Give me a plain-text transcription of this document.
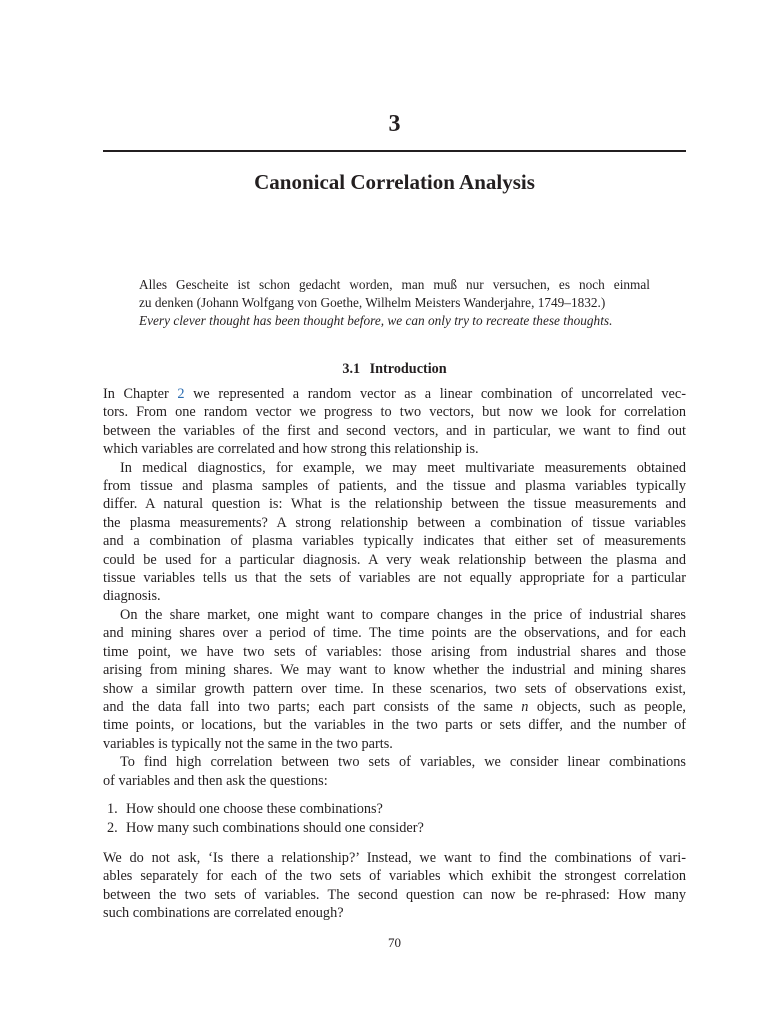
3
Canonical Correlation Analysis
Alles Gescheite ist schon gedacht worden, man muß nur versuchen, es noch einmal
zu denken (Johann Wolfgang von Goethe, Wilhelm Meisters Wanderjahre, 1749–1832.)
Every clever thought has been thought before, we can only try to recreate these thoughts.
3.1 Introduction
In Chapter 2 we represented a random vector as a linear combination of uncorrelated vec-
tors. From one random vector we progress to two vectors, but now we look for correlation
between the variables of the first and second vectors, and in particular, we want to find out
which variables are correlated and how strong this relationship is.
In medical diagnostics, for example, we may meet multivariate measurements obtained
from tissue and plasma samples of patients, and the tissue and plasma variables typically
differ. A natural question is: What is the relationship between the tissue measurements and
the plasma measurements? A strong relationship between a combination of tissue variables
and a combination of plasma variables typically indicates that either set of measurements
could be used for a particular diagnosis. A very weak relationship between the plasma and
tissue variables tells us that the sets of variables are not equally appropriate for a particular
diagnosis.
On the share market, one might want to compare changes in the price of industrial shares
and mining shares over a period of time. The time points are the observations, and for each
time point, we have two sets of variables: those arising from industrial shares and those
arising from mining shares. We may want to know whether the industrial and mining shares
show a similar growth pattern over time. In these scenarios, two sets of observations exist,
and the data fall into two parts; each part consists of the same n objects, such as people,
time points, or locations, but the variables in the two parts or sets differ, and the number of
variables is typically not the same in the two parts.
To find high correlation between two sets of variables, we consider linear combinations
of variables and then ask the questions:
1. How should one choose these combinations?
2. How many such combinations should one consider?
We do not ask, ‘Is there a relationship?’ Instead, we want to find the combinations of vari-
ables separately for each of the two sets of variables which exhibit the strongest correlation
between the two sets of variables. The second question can now be re-phrased: How many
such combinations are correlated enough?
70
